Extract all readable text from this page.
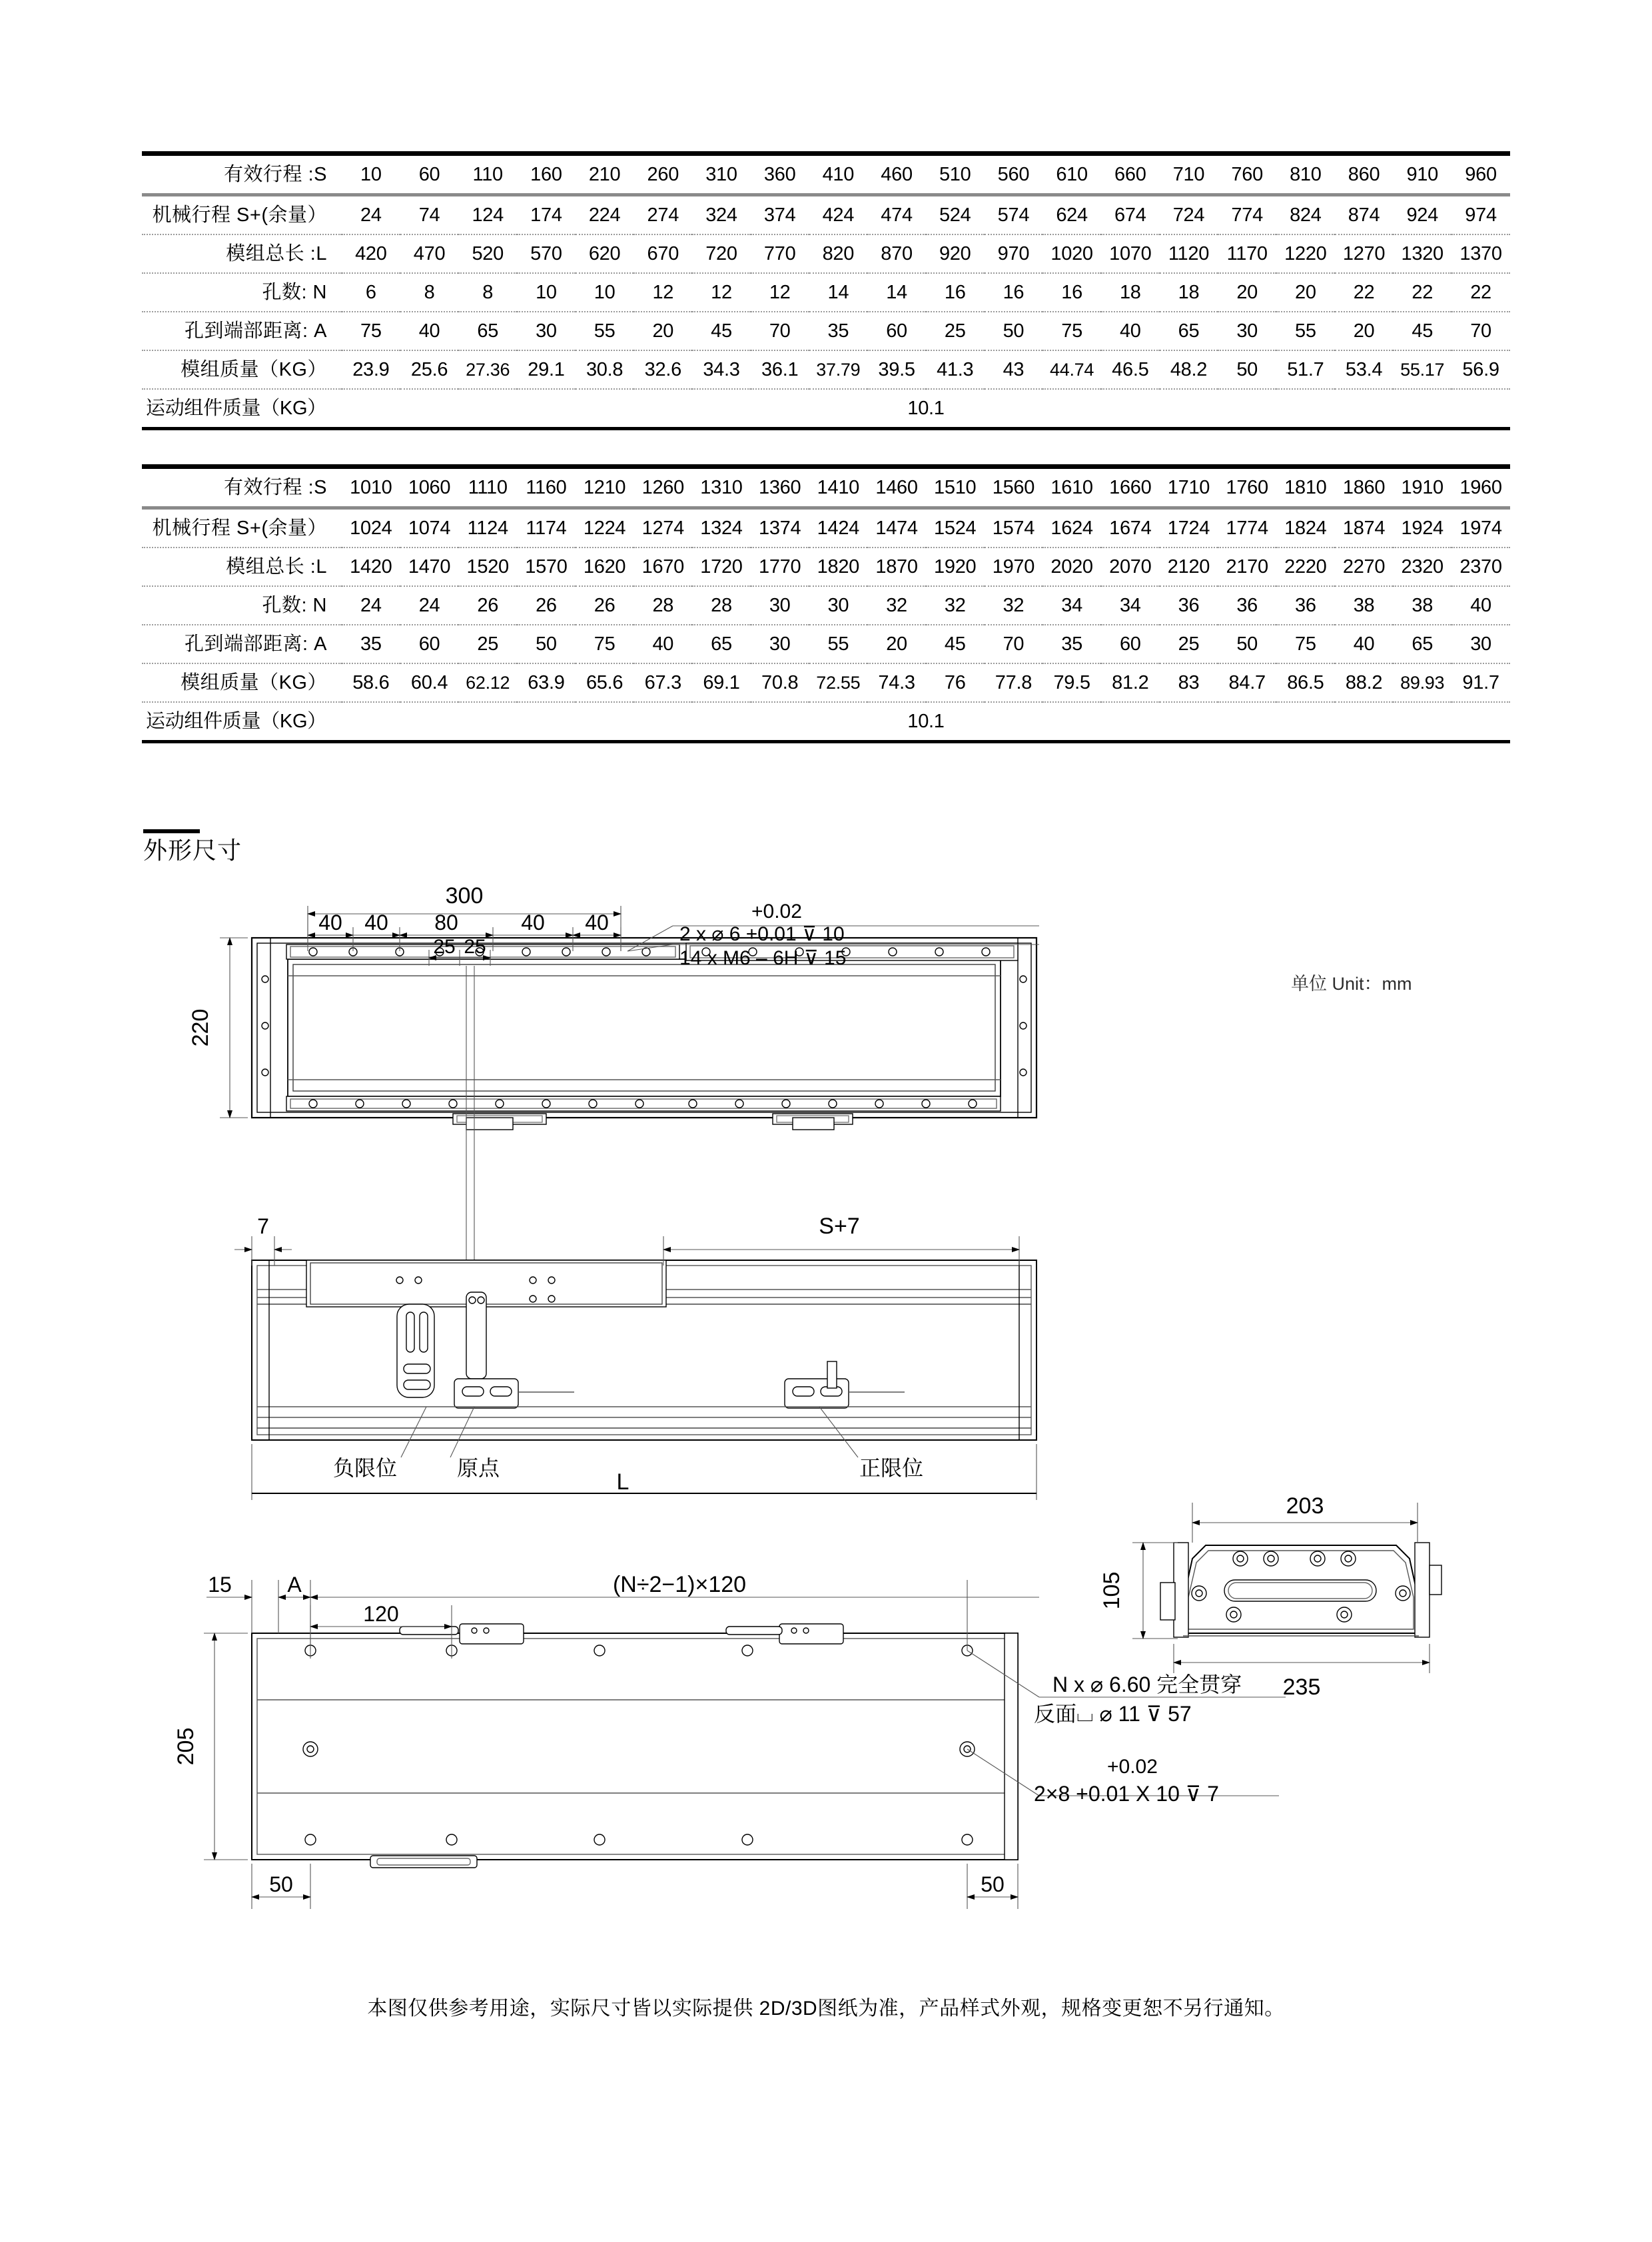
有效行程 :S	10	60	110	160	210	260	310	360	410	460	510	560	610	660	710	760	810	860	910	960
机械行程 S+(余量）	24	74	124	174	224	274	324	374	424	474	524	574	624	674	724	774	824	874	924	974
模组总长 :L	420	470	520	570	620	670	720	770	820	870	920	970	1020	1070	1120	1170	1220	1270	1320	1370
孔数: N	6	8	8	10	10	12	12	12	14	14	16	16	16	18	18	20	20	22	22	22
孔到端部距离: A	75	40	65	30	55	20	45	70	35	60	25	50	75	40	65	30	55	20	45	70
模组质量（KG）	23.9	25.6	27.36	29.1	30.8	32.6	34.3	36.1	37.79	39.5	41.3	43	44.74	46.5	48.2	50	51.7	53.4	55.17	56.9
运动组件质量（KG）	10.1																			
有效行程 :S	1010	1060	1110	1160	1210	1260	1310	1360	1410	1460	1510	1560	1610	1660	1710	1760	1810	1860	1910	1960
机械行程 S+(余量）	1024	1074	1124	1174	1224	1274	1324	1374	1424	1474	1524	1574	1624	1674	1724	1774	1824	1874	1924	1974
模组总长 :L	1420	1470	1520	1570	1620	1670	1720	1770	1820	1870	1920	1970	2020	2070	2120	2170	2220	2270	2320	2370
孔数: N	24	24	26	26	26	28	28	30	30	32	32	32	34	34	36	36	36	38	38	40
孔到端部距离: A	35	60	25	50	75	40	65	30	55	20	45	70	35	60	25	50	75	40	65	30
模组质量（KG）	58.6	60.4	62.12	63.9	65.6	67.3	69.1	70.8	72.55	74.3	76	77.8	79.5	81.2	83	84.7	86.5	88.2	89.93	91.7
运动组件质量（KG）	10.1																			
外形尺寸
单位 Unit：mm
300
40 40 80	40 40
25 25
220
+0.02
2 x ⌀ 6 +0.01 ⊽ 10
14 x M6 – 6H ⊽ 15
7	S+7
L
负限位	原点	正限位
203
105
235
15	A
120
(N÷2−1)×120
205
50	50
N x ⌀ 6.60 完全贯穿
反面⌴ ⌀ 11 ⊽ 57
+0.02
2×8 +0.01 X 10 ⊽ 7
本图仅供参考用途，实际尺寸皆以实际提供 2D/3D图纸为准，产品样式外观，规格变更恕不另行通知。
